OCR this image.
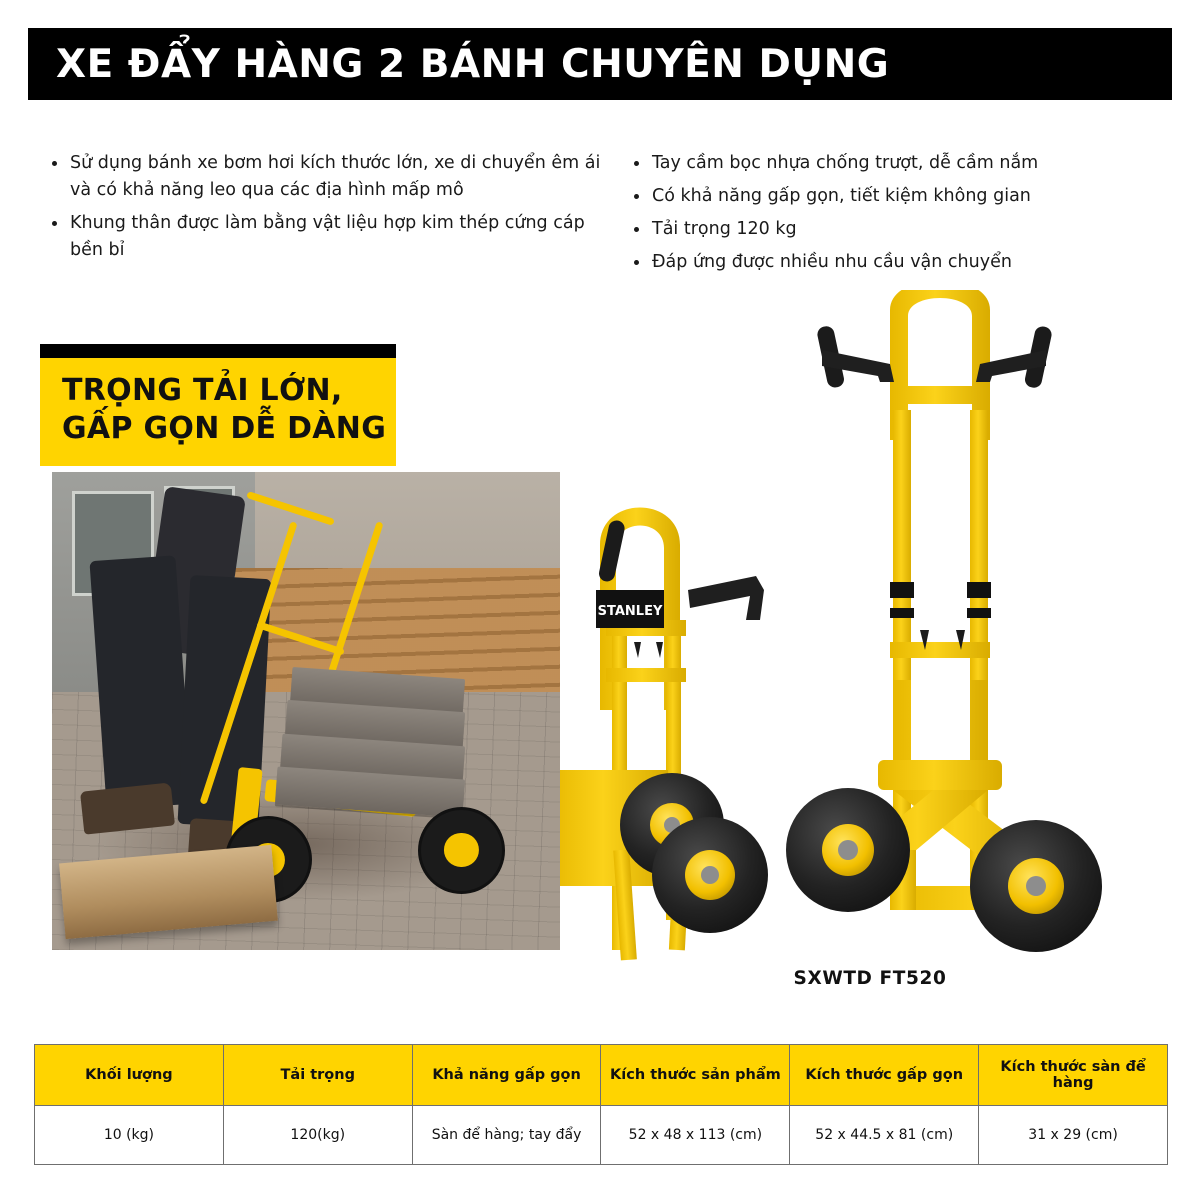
XE ĐẨY HÀNG 2 BÁNH CHUYÊN DỤNG
Sử dụng bánh xe bơm hơi kích thước lớn, xe di chuyển êm ái và có khả năng leo qua các địa hình mấp mô
Khung thân được làm bằng vật liệu hợp kim thép cứng cáp bền bỉ
Tay cầm bọc nhựa chống trượt, dễ cầm nắm
Có khả năng gấp gọn, tiết kiệm không gian
Tải trọng 120 kg
Đáp ứng được nhiều nhu cầu vận chuyển
TRỌNG TẢI LỚN,
GẤP GỌN DỄ DÀNG
STANLEY
SXWTD FT520
Khối lượng	Tải trọng	Khả năng gấp gọn	Kích thước sản phẩm	Kích thước gấp gọn	Kích thước sàn để hàng
10 (kg)	120(kg)	Sàn để hàng; tay đẩy	52 x 48 x 113 (cm)	52 x 44.5 x 81 (cm)	31 x 29 (cm)
